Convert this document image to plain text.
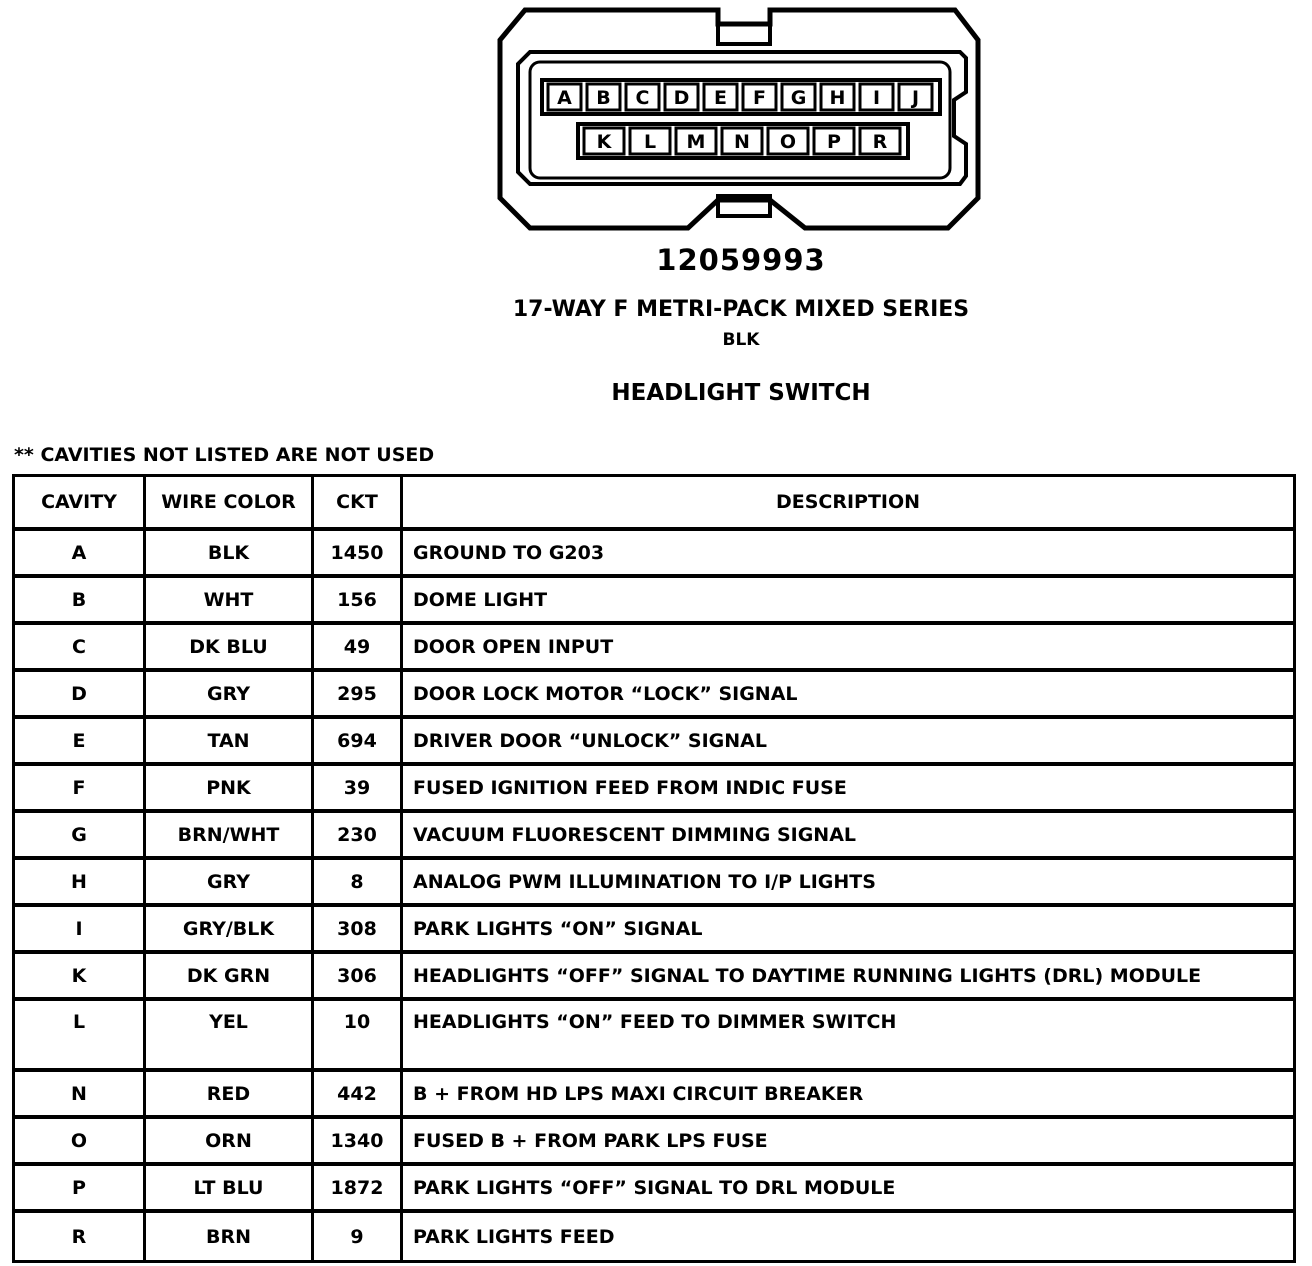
A B C D E F G H I J
K L M N O P R
12059993
17-WAY F METRI-PACK MIXED SERIES
BLK
HEADLIGHT SWITCH
** CAVITIES NOT LISTED ARE NOT USED
CAVITY	WIRE COLOR	CKT	DESCRIPTION
A	BLK	1450	GROUND TO G203
B	WHT	156	DOME LIGHT
C	DK BLU	49	DOOR OPEN INPUT
D	GRY	295	DOOR LOCK MOTOR “LOCK” SIGNAL
E	TAN	694	DRIVER DOOR “UNLOCK” SIGNAL
F	PNK	39	FUSED IGNITION FEED FROM INDIC FUSE
G	BRN/WHT	230	VACUUM FLUORESCENT DIMMING SIGNAL
H	GRY	8	ANALOG PWM ILLUMINATION TO I/P LIGHTS
I	GRY/BLK	308	PARK LIGHTS “ON” SIGNAL
K	DK GRN	306	HEADLIGHTS “OFF” SIGNAL TO DAYTIME RUNNING LIGHTS (DRL) MODULE
L	YEL	10	HEADLIGHTS “ON” FEED TO DIMMER SWITCH
N	RED	442	B + FROM HD LPS MAXI CIRCUIT BREAKER
O	ORN	1340	FUSED B + FROM PARK LPS FUSE
P	LT BLU	1872	PARK LIGHTS “OFF” SIGNAL TO DRL MODULE
R	BRN	9	PARK LIGHTS FEED
